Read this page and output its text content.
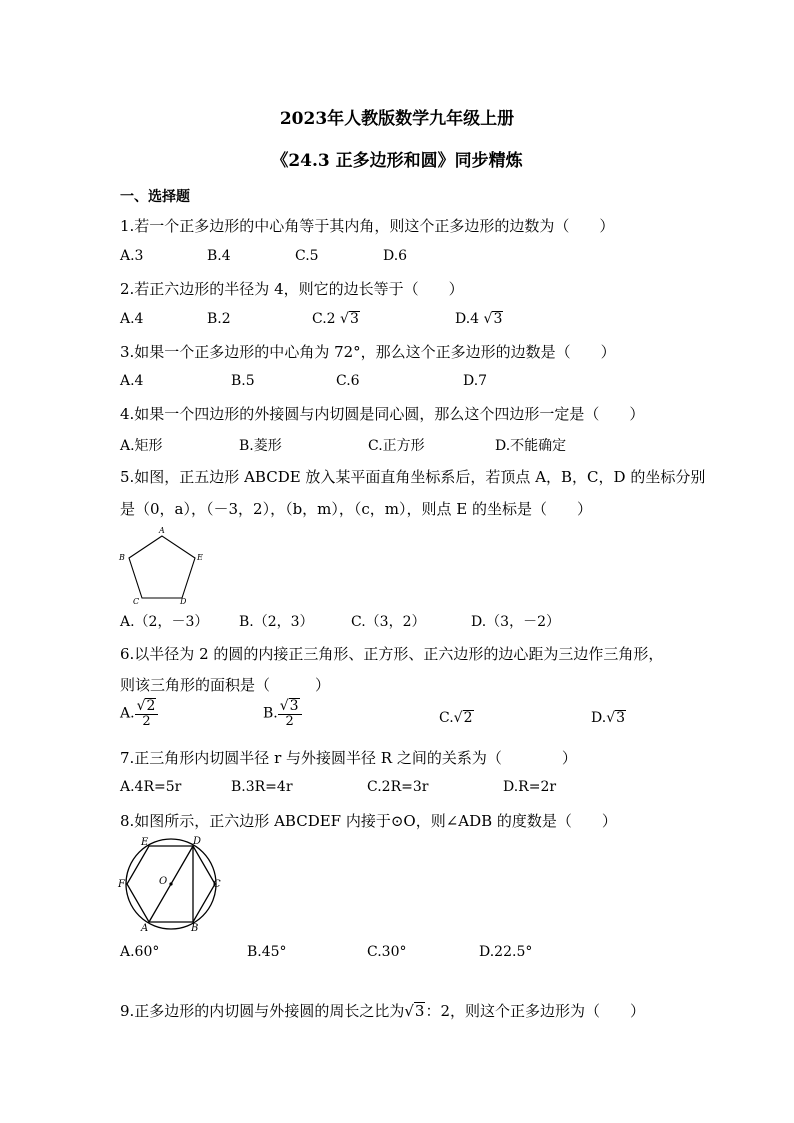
2023年人教版数学九年级上册
《24.3 正多边形和圆》同步精炼
一、选择题
1.若一个正多边形的中心角等于其内角，则这个正多边形的边数为（　　）
A.3	B.4	C.5	D.6
2.若正六边形的半径为 4，则它的边长等于（　　）
A.4	B.2	C.2 √3	D.4 √3
3.如果一个正多边形的中心角为 72°，那么这个正多边形的边数是（　　）
A.4	B.5	C.6	D.7
4.如果一个四边形的外接圆与内切圆是同心圆，那么这个四边形一定是（　　）
A.矩形	B.菱形	C.正方形	D.不能确定
5.如图，正五边形 ABCDE 放入某平面直角坐标系后，若顶点 A，B，C，D 的坐标分别
是（0，a），（－3，2），（b，m），（c，m），则点 E 的坐标是（　　）
A
B
C	D
E
A.（2，－3） B.（2，3）	C.（3，2）	D.（3，－2）
6.以半径为 2 的圆的内接正三角形、正方形、正六边形的边心距为三边作三角形，
则该三角形的面积是（　　　）
A. $\frac{√2}{2}$	B. $\frac{√3}{2}$	C.√2	D.√3
7.正三角形内切圆半径 r 与外接圆半径 R 之间的关系为（　　　　）
A.4R=5r	B.3R=4r	C.2R=3r	D.R=2r
8.如图所示，正六边形 ABCDEF 内接于⊙O，则∠ADB 的度数是（　　）
A	B
C
D
E
F	O
A.60°	B.45°	C.30°	D.22.5°
9.正多边形的内切圆与外接圆的周长之比为√3：2，则这个正多边形为（　　）
